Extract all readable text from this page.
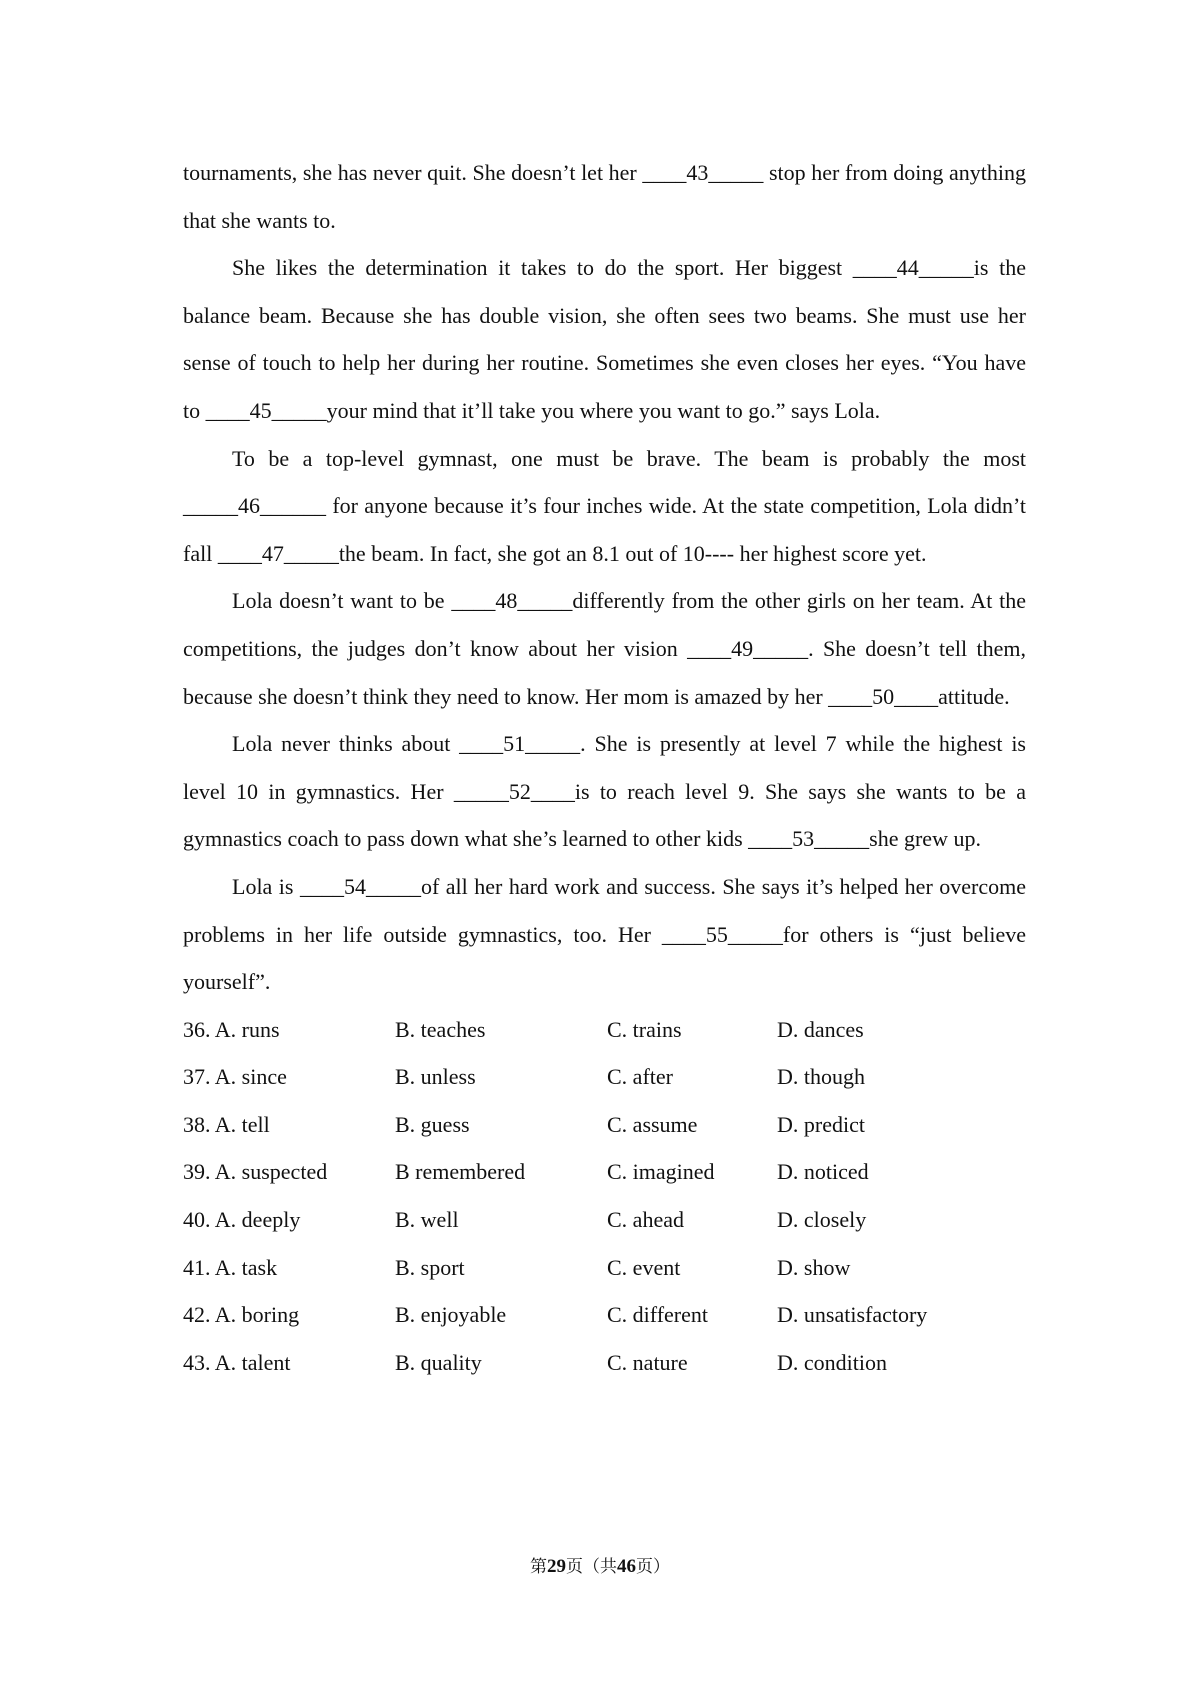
tournaments, she has never quit. She doesn’t let her ____43_____ stop her from doing anything that she wants to.

She likes the determination it takes to do the sport. Her biggest ____44_____is the balance beam. Because she has double vision, she often sees two beams. She must use her sense of touch to help her during her routine. Sometimes she even closes her eyes. “You have to ____45_____your mind that it’ll take you where you want to go.” says Lola.

To be a top-level gymnast, one must be brave. The beam is probably the most _____46______ for anyone because it’s four inches wide. At the state competition, Lola didn’t fall ____47_____the beam. In fact, she got an 8.1 out of 10---- her highest score yet.

Lola doesn’t want to be ____48_____differently from the other girls on her team. At the competitions, the judges don’t know about her vision ____49_____. She doesn’t tell them, because she doesn’t think they need to know. Her mom is amazed by her ____50____attitude.

Lola never thinks about ____51_____. She is presently at level 7 while the highest is level 10 in gymnastics. Her _____52____is to reach level 9. She says she wants to be a gymnastics coach to pass down what she’s learned to other kids ____53_____she grew up.

Lola is ____54_____of all her hard work and success. She says it’s helped her overcome problems in her life outside gymnastics, too. Her ____55_____for others is “just believe yourself”.

36. A. runs	B. teaches	C. trains	D. dances
37. A. since	B. unless	C. after	D. though
38. A. tell	B. guess	C. assume	D. predict
39. A. suspected	B remembered	C. imagined	D. noticed
40. A. deeply	B. well	C. ahead	D. closely
41. A. task	B. sport	C. event	D. show
42. A. boring	B. enjoyable	C. different	D. unsatisfactory
43. A. talent	B. quality	C. nature	D. condition
第29页（共46页）
